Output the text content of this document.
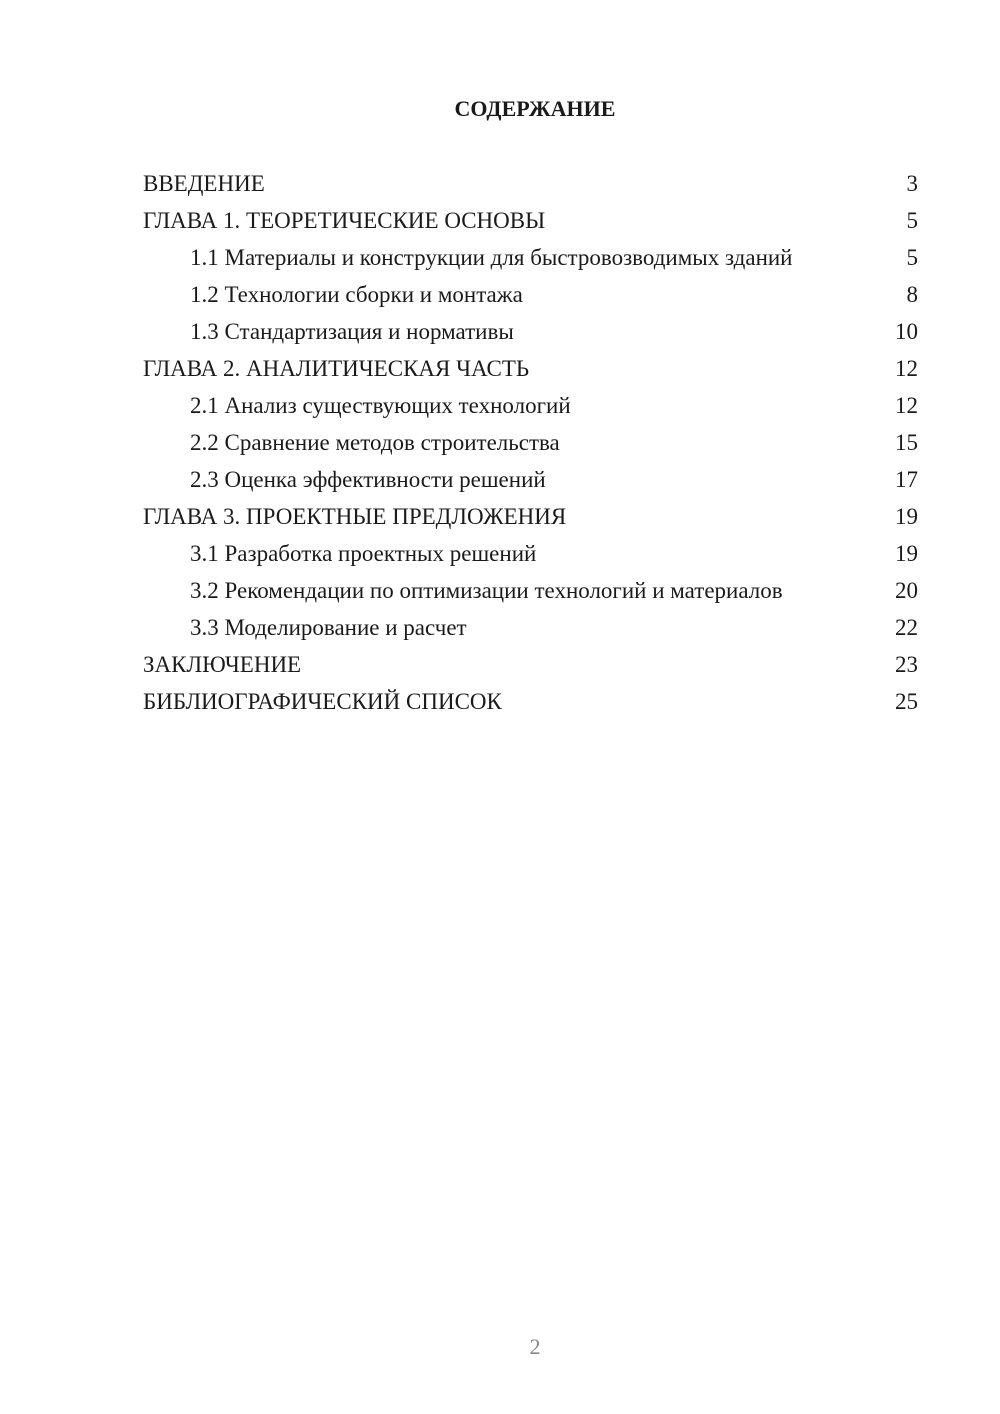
СОДЕРЖАНИЕ
ВВЕДЕНИЕ	3
ГЛАВА 1. ТЕОРЕТИЧЕСКИЕ ОСНОВЫ	5
1.1 Материалы и конструкции для быстровозводимых зданий	5
1.2 Технологии сборки и монтажа	8
1.3 Стандартизация и нормативы	10
ГЛАВА 2. АНАЛИТИЧЕСКАЯ ЧАСТЬ	12
2.1 Анализ существующих технологий	12
2.2 Сравнение методов строительства	15
2.3 Оценка эффективности решений	17
ГЛАВА 3. ПРОЕКТНЫЕ ПРЕДЛОЖЕНИЯ	19
3.1 Разработка проектных решений	19
3.2 Рекомендации по оптимизации технологий и материалов	20
3.3 Моделирование и расчет	22
ЗАКЛЮЧЕНИЕ	23
БИБЛИОГРАФИЧЕСКИЙ СПИСОК	25
2
